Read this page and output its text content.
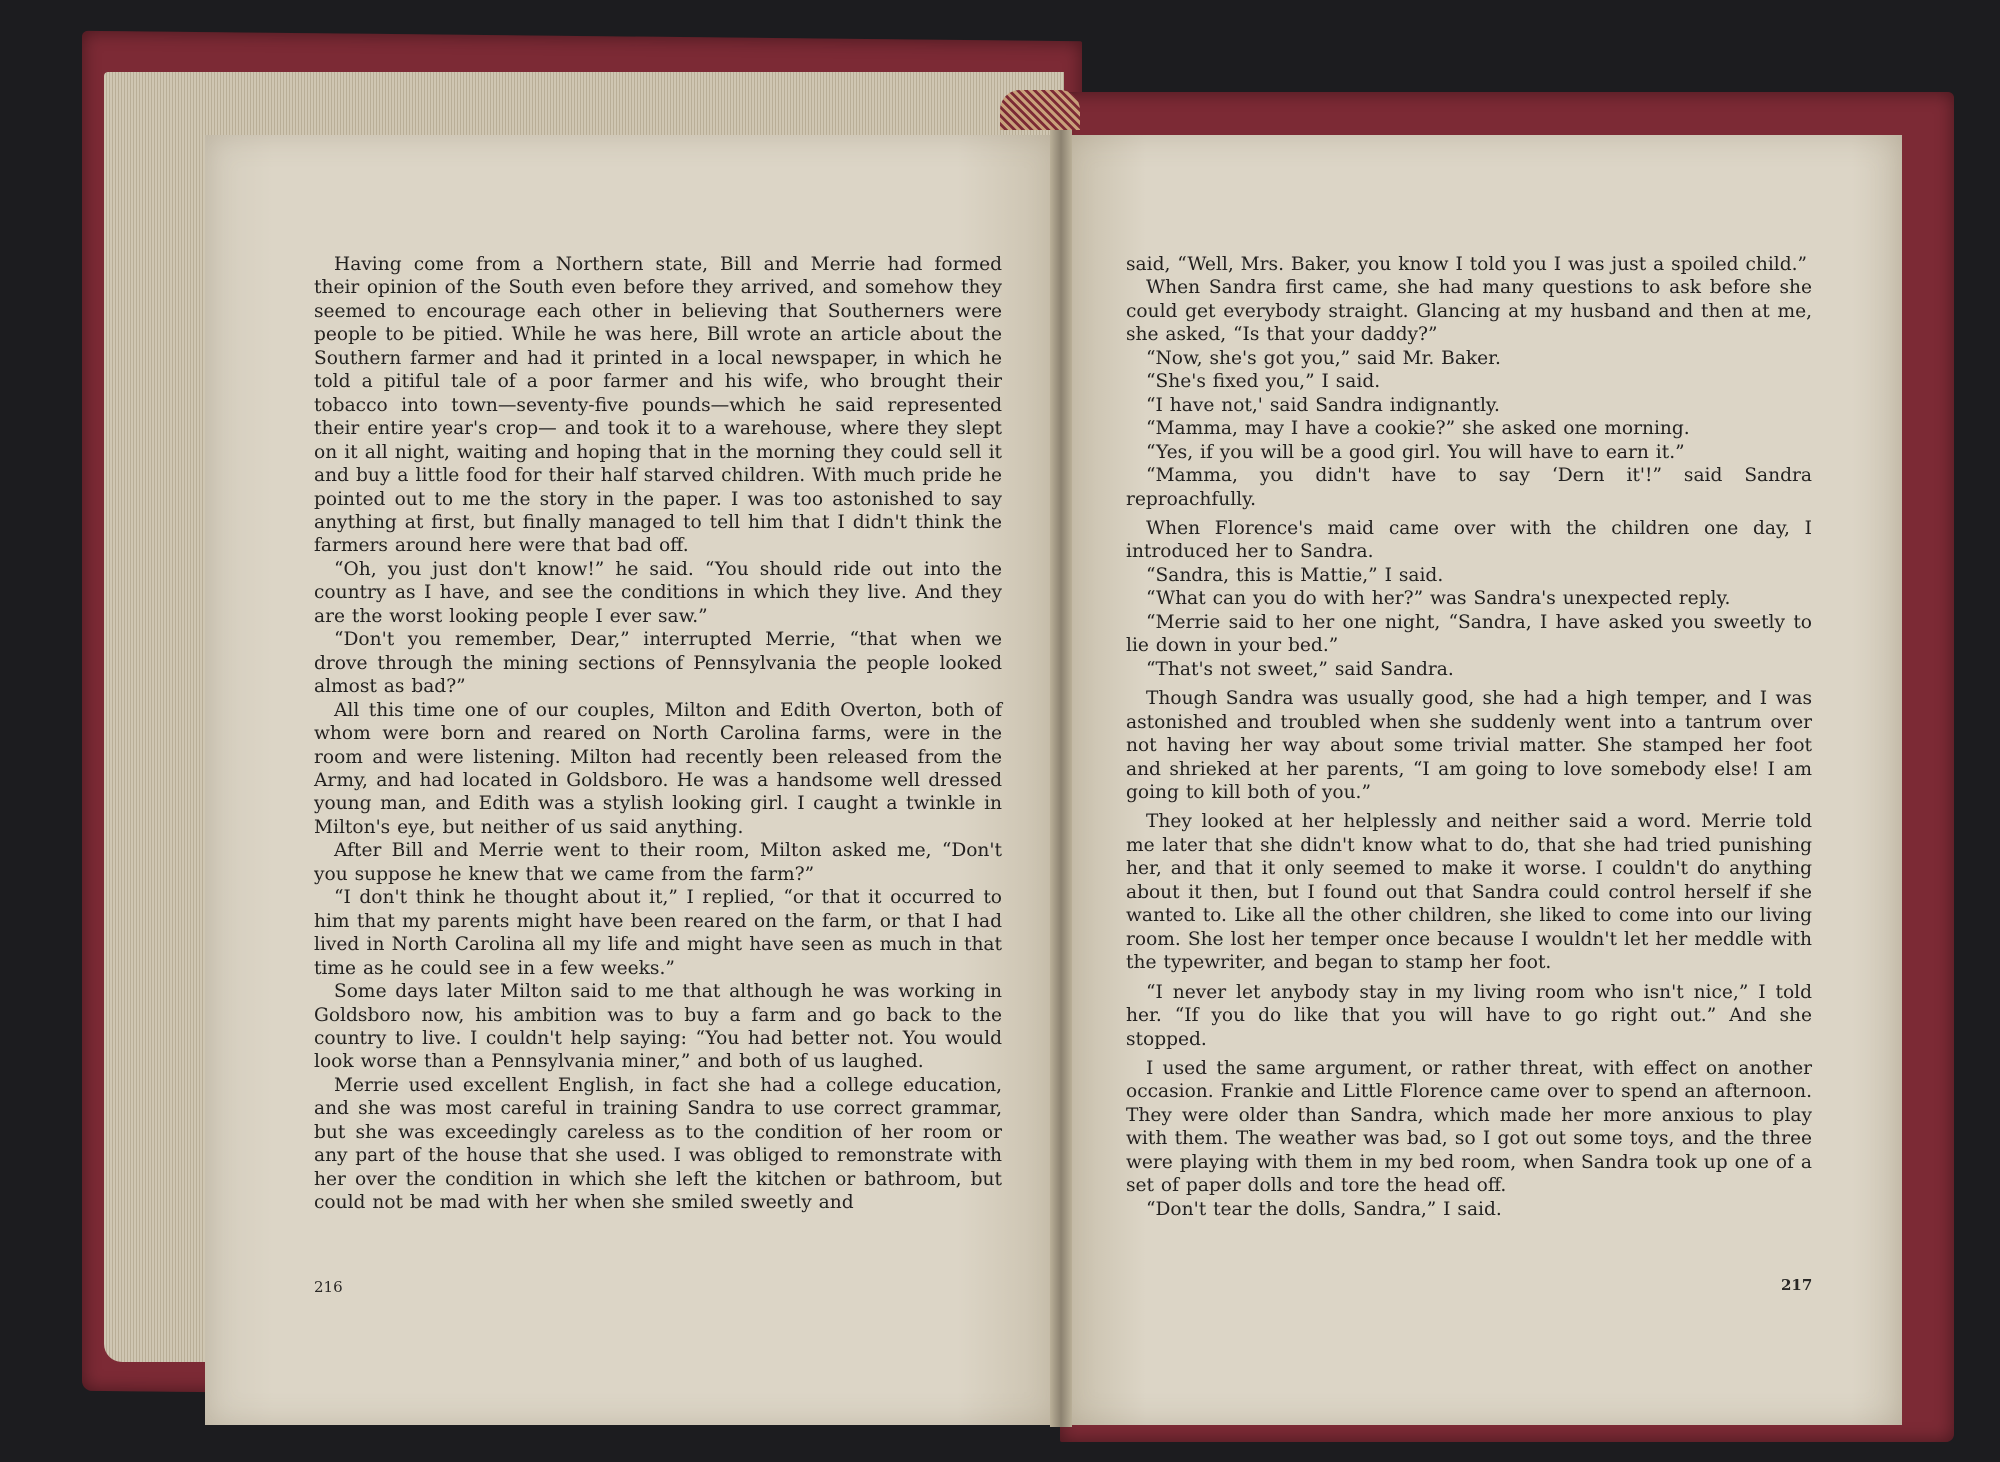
Having come from a Northern state, Bill and Merrie had formed their opinion of the South even before they arrived, and somehow they seemed to encourage each other in believing that Southerners were people to be pitied. While he was here, Bill wrote an article about the Southern farmer and had it printed in a local newspaper, in which he told a pitiful tale of a poor farmer and his wife, who brought their tobacco into town—seventy-five pounds—which he said represented their entire year's crop— and took it to a warehouse, where they slept on it all night, waiting and hoping that in the morning they could sell it and buy a little food for their half starved children. With much pride he pointed out to me the story in the paper. I was too astonished to say anything at first, but finally managed to tell him that I didn't think the farmers around here were that bad off.

“Oh, you just don't know!” he said. “You should ride out into the country as I have, and see the conditions in which they live. And they are the worst looking people I ever saw.”

“Don't you remember, Dear,” interrupted Merrie, “that when we drove through the mining sections of Pennsylvania the people looked almost as bad?”

All this time one of our couples, Milton and Edith Overton, both of whom were born and reared on North Carolina farms, were in the room and were listening. Milton had recently been released from the Army, and had located in Goldsboro. He was a handsome well dressed young man, and Edith was a stylish looking girl. I caught a twinkle in Milton's eye, but neither of us said anything.

After Bill and Merrie went to their room, Milton asked me, “Don't you suppose he knew that we came from the farm?”

“I don't think he thought about it,” I replied, “or that it occurred to him that my parents might have been reared on the farm, or that I had lived in North Carolina all my life and might have seen as much in that time as he could see in a few weeks.”

Some days later Milton said to me that although he was working in Goldsboro now, his ambition was to buy a farm and go back to the country to live. I couldn't help saying: “You had better not. You would look worse than a Pennsylvania miner,” and both of us laughed.

Merrie used excellent English, in fact she had a college education, and she was most careful in training Sandra to use correct grammar, but she was exceedingly careless as to the condition of her room or any part of the house that she used. I was obliged to remonstrate with her over the condition in which she left the kitchen or bathroom, but could not be mad with her when she smiled sweetly and

216

said, “Well, Mrs. Baker, you know I told you I was just a spoiled child.”

When Sandra first came, she had many questions to ask before she could get everybody straight. Glancing at my husband and then at me, she asked, “Is that your daddy?”

“Now, she's got you,” said Mr. Baker.

“She's fixed you,” I said.

“I have not,' said Sandra indignantly.

“Mamma, may I have a cookie?” she asked one morning.

“Yes, if you will be a good girl. You will have to earn it.”

“Mamma, you didn't have to say ‘Dern it'!” said Sandra reproachfully.

When Florence's maid came over with the children one day, I introduced her to Sandra.

“Sandra, this is Mattie,” I said.

“What can you do with her?” was Sandra's unexpected reply.

“Merrie said to her one night, “Sandra, I have asked you sweetly to lie down in your bed.”

“That's not sweet,” said Sandra.

Though Sandra was usually good, she had a high temper, and I was astonished and troubled when she suddenly went into a tantrum over not having her way about some trivial matter. She stamped her foot and shrieked at her parents, “I am going to love somebody else! I am going to kill both of you.”

They looked at her helplessly and neither said a word. Merrie told me later that she didn't know what to do, that she had tried punishing her, and that it only seemed to make it worse. I couldn't do anything about it then, but I found out that Sandra could control herself if she wanted to. Like all the other children, she liked to come into our living room. She lost her temper once because I wouldn't let her meddle with the typewriter, and began to stamp her foot.

“I never let anybody stay in my living room who isn't nice,” I told her. “If you do like that you will have to go right out.” And she stopped.

I used the same argument, or rather threat, with effect on another occasion. Frankie and Little Florence came over to spend an afternoon. They were older than Sandra, which made her more anxious to play with them. The weather was bad, so I got out some toys, and the three were playing with them in my bed room, when Sandra took up one of a set of paper dolls and tore the head off.

“Don't tear the dolls, Sandra,” I said.

217
